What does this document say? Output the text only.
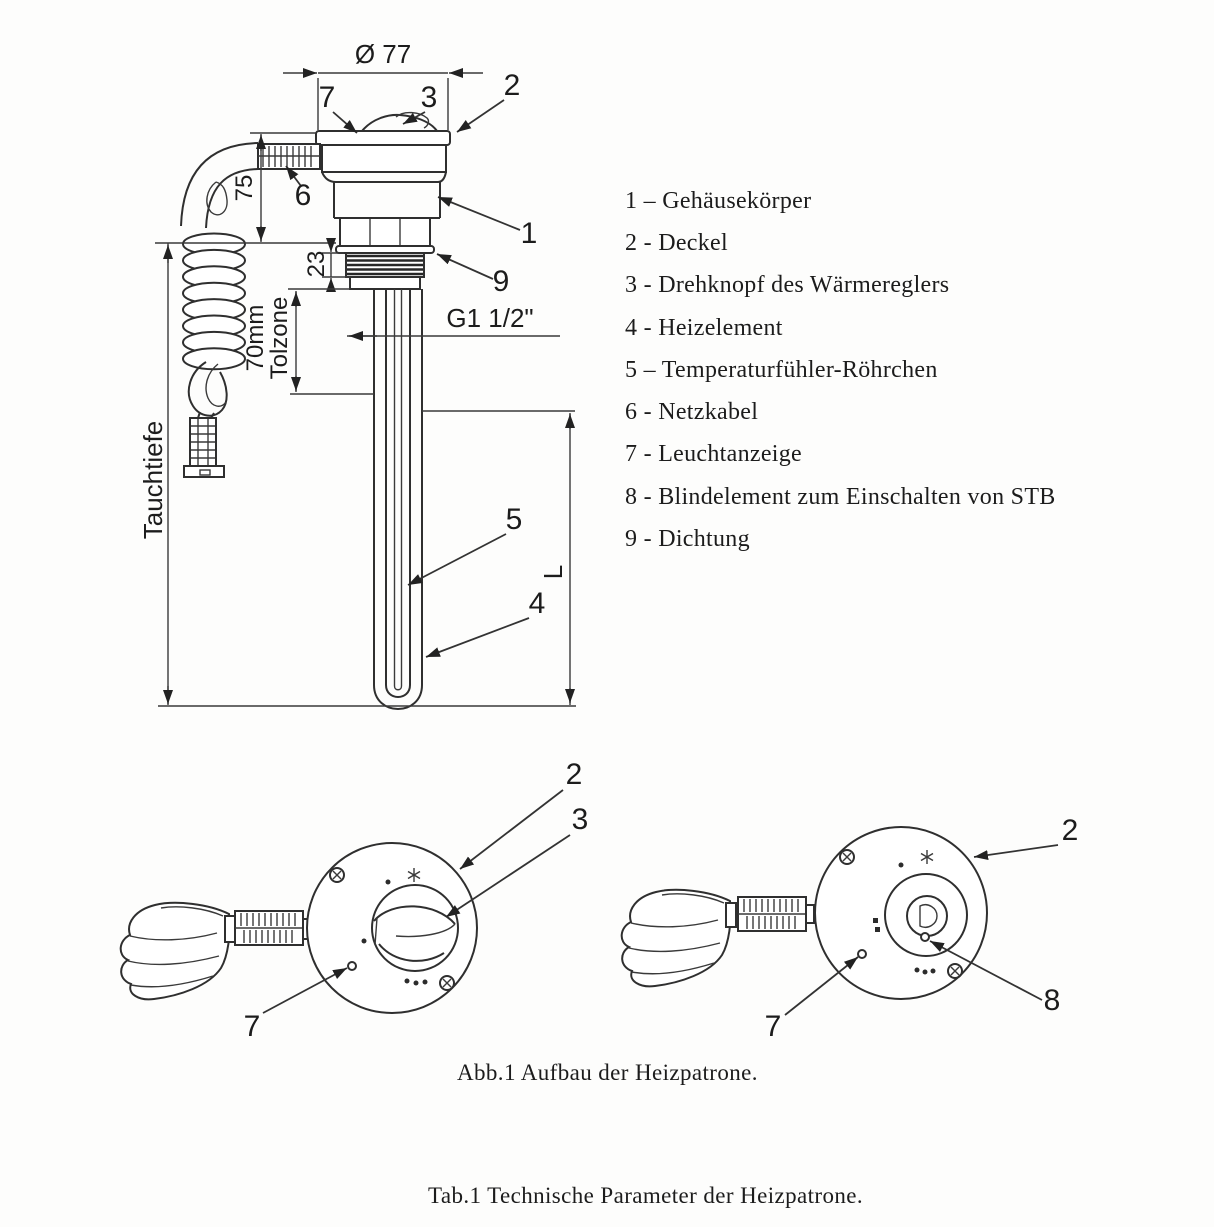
Ø 77
75
23
70mm
Tolzone
Tauchtiefe
G1 1/2"
L
7	3 2
6
1
9
5
4
2
3
7
2
8
7
1 – Gehäusekörper
2 - Deckel
3 - Drehknopf des Wärmereglers
4 - Heizelement
5 – Temperaturfühler-Röhrchen
6 - Netzkabel
7 - Leuchtanzeige
8 - Blindelement zum Einschalten von STB
9 - Dichtung
Abb.1 Aufbau der Heizpatrone.
Tab.1 Technische Parameter der Heizpatrone.
